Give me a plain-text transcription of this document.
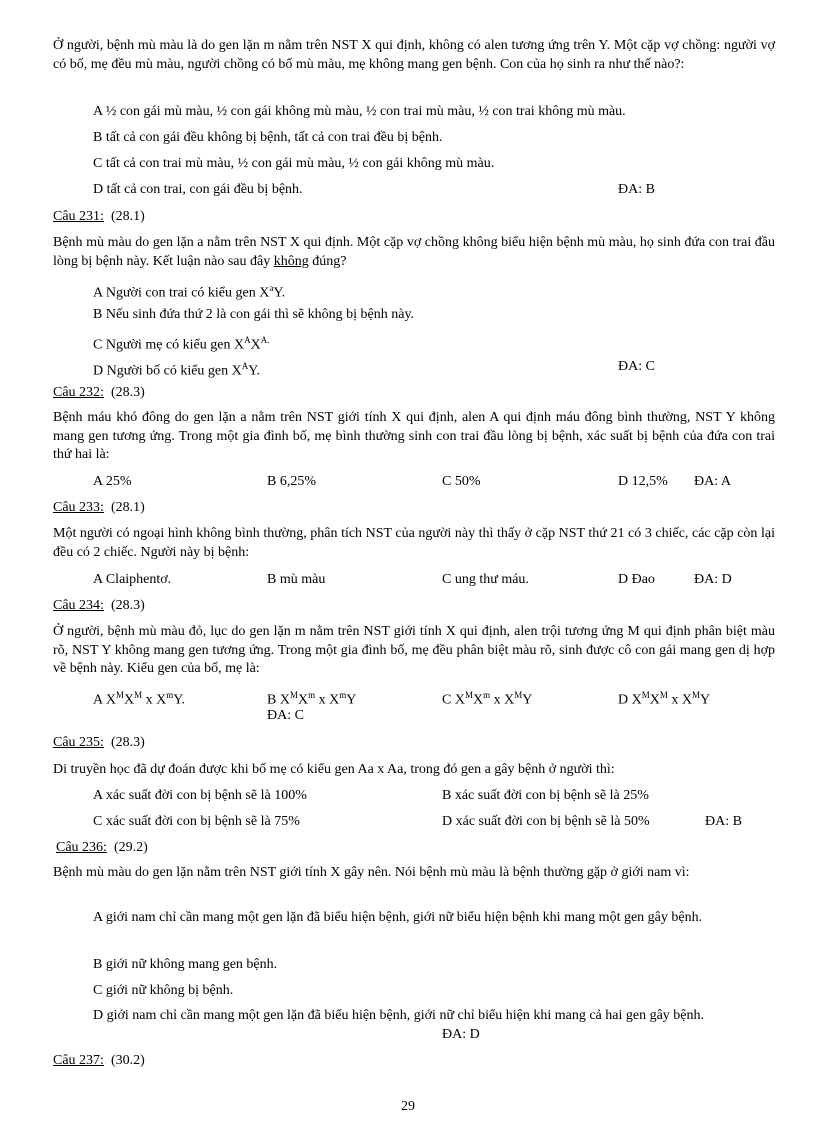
Ở người, bệnh mù màu là do gen lặn m nằm trên NST X qui định, không có alen tương ứng trên Y. Một cặp vợ chồng: người vợ có bố, mẹ đều mù màu, người chồng có bố mù màu, mẹ không mang gen bệnh. Con của họ sinh ra như thế nào?:
A ½ con gái mù màu, ½ con gái không mù màu, ½ con trai mù màu, ½ con trai không mù màu.
B tất cả con gái đều không bị bệnh, tất cả con trai đều bị bệnh.
C tất cả con trai mù màu, ½ con gái mù màu, ½ con gái không mù màu.
D tất cả con trai, con gái đều bị bệnh.	ĐA: B
Câu 231: (28.1)
Bệnh mù màu do gen lặn a nằm trên NST X qui định. Một cặp vợ chồng không biểu hiện bệnh mù màu, họ sinh đứa con trai đầu lòng bị bệnh này. Kết luận nào sau đây không đúng?
A Người con trai có kiểu gen $X^aY$.
B Nếu sinh đứa thứ 2 là con gái thì sẽ không bị bệnh này.
C Người mẹ có kiểu gen $X^AX^{A.}$
D Người bố có kiểu gen $X^AY$.	ĐA: C
Câu 232: (28.3)
Bệnh máu khó đông do gen lặn a nằm trên NST giới tính X qui định, alen A qui định máu đông bình thường, NST Y không mang gen tương ứng. Trong một gia đình bố, mẹ bình thường sinh con trai đầu lòng bị bệnh, xác suất bị bệnh của đứa con trai thứ hai là:
A 25%	B 6,25%	C 50%	D 12,5% ĐA: A
Câu 233: (28.1)
Một người có ngoại hình không bình thường, phân tích NST của người này thì thấy ở cặp NST thứ 21 có 3 chiếc, các cặp còn lại đều có 2 chiếc. Người này bị bệnh:
A Claiphentơ.	B mù màu	C ung thư máu.	D Đao	ĐA: D
Câu 234: (28.3)
Ở người, bệnh mù màu đỏ, lục do gen lặn m nằm trên NST giới tính X qui định, alen trội tương ứng M qui định phân biệt màu rõ, NST Y không mang gen tương ứng. Trong một gia đình bố, mẹ đều phân biệt màu rõ, sinh được cô con gái mang gen dị hợp về bệnh này. Kiểu gen của bố, mẹ là:
A $X^MX^M$ x $X^mY$.	B $X^MX^m$ x $X^mY$	C $X^MX^m$ x $X^MY$	D $X^MX^M$ x $X^MY$
ĐA: C
Câu 235: (28.3)
Di truyền học đã dự đoán được khi bố mẹ có kiểu gen Aa x Aa, trong đó gen a gây bệnh ở người thì:
A xác suất đời con bị bệnh sẽ là 100%	B xác suất đời con bị bệnh sẽ là 25%
C xác suất đời con bị bệnh sẽ là 75%	D xác suất đời con bị bệnh sẽ là 50%	ĐA: B
Câu 236: (29.2)
Bệnh mù màu do gen lặn nằm trên NST giới tính X gây nên. Nói bệnh mù màu là bệnh thường gặp ở giới nam vì:
A giới nam chỉ cần mang một gen lặn đã biểu hiện bệnh, giới nữ biểu hiện bệnh khi mang một gen gây bệnh.
B giới nữ không mang gen bệnh.
C giới nữ không bị bệnh.
D giới nam chỉ cần mang một gen lặn đã biểu hiện bệnh, giới nữ chỉ biểu hiện khi mang cả hai gen gây bệnh.
ĐA: D
Câu 237: (30.2)
29
